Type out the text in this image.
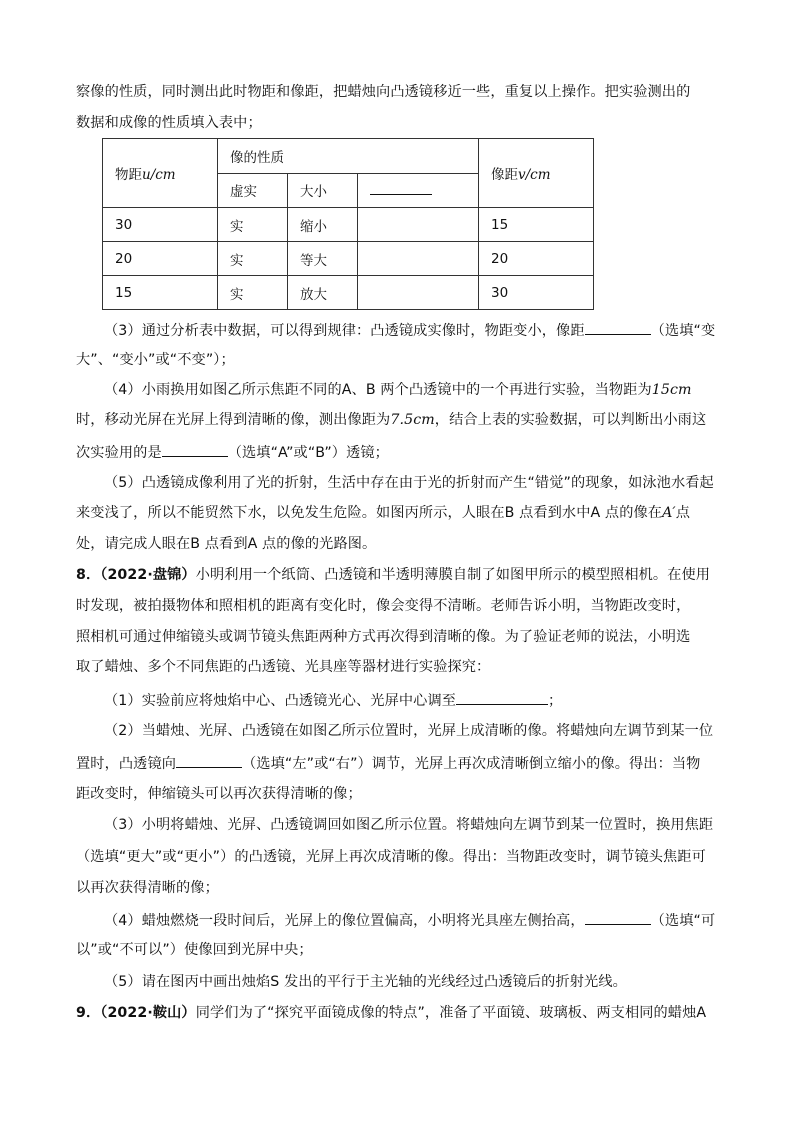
察像的性质，同时测出此时物距和像距，把蜡烛向凸透镜移近一些，重复以上操作。把实验测出的
数据和成像的性质填入表中；
物距u/cm	像的性质			像距v/cm
	虚实	大小		
30	实	缩小		15
20	实	等大		20
15	实	放大		30
（3）通过分析表中数据，可以得到规律：凸透镜成实像时，物距变小，像距	（选填“变
大”、“变小”或“不变”）；
（4）小雨换用如图乙所示焦距不同的A、B 两个凸透镜中的一个再进行实验，当物距为15cm
时，移动光屏在光屏上得到清晰的像，测出像距为7.5cm，结合上表的实验数据，可以判断出小雨这
次实验用的是	（选填“A”或“B”）透镜；
（5）凸透镜成像利用了光的折射，生活中存在由于光的折射而产生“错觉”的现象，如泳池水看起
来变浅了，所以不能贸然下水，以免发生危险。如图丙所示，人眼在B 点看到水中A 点的像在A′点
处，请完成人眼在B 点看到A 点的像的光路图。
8．（2022·盘锦）小明利用一个纸筒、凸透镜和半透明薄膜自制了如图甲所示的模型照相机。在使用
时发现，被拍摄物体和照相机的距离有变化时，像会变得不清晰。老师告诉小明，当物距改变时，
照相机可通过伸缩镜头或调节镜头焦距两种方式再次得到清晰的像。为了验证老师的说法，小明选
取了蜡烛、多个不同焦距的凸透镜、光具座等器材进行实验探究：
（1）实验前应将烛焰中心、凸透镜光心、光屏中心调至	；
（2）当蜡烛、光屏、凸透镜在如图乙所示位置时，光屏上成清晰的像。将蜡烛向左调节到某一位
置时，凸透镜向	（选填“左”或“右”）调节，光屏上再次成清晰倒立缩小的像。得出：当物
距改变时，伸缩镜头可以再次获得清晰的像；
（3）小明将蜡烛、光屏、凸透镜调回如图乙所示位置。将蜡烛向左调节到某一位置时，换用焦距
（选填“更大”或“更小”）的凸透镜，光屏上再次成清晰的像。得出：当物距改变时，调节镜头焦距可
以再次获得清晰的像；
（4）蜡烛燃烧一段时间后，光屏上的像位置偏高，小明将光具座左侧抬高，	（选填“可
以”或“不可以”）使像回到光屏中央；
（5）请在图丙中画出烛焰S 发出的平行于主光轴的光线经过凸透镜后的折射光线。
9．（2022·鞍山）同学们为了“探究平面镜成像的特点”，准备了平面镜、玻璃板、两支相同的蜡烛A
